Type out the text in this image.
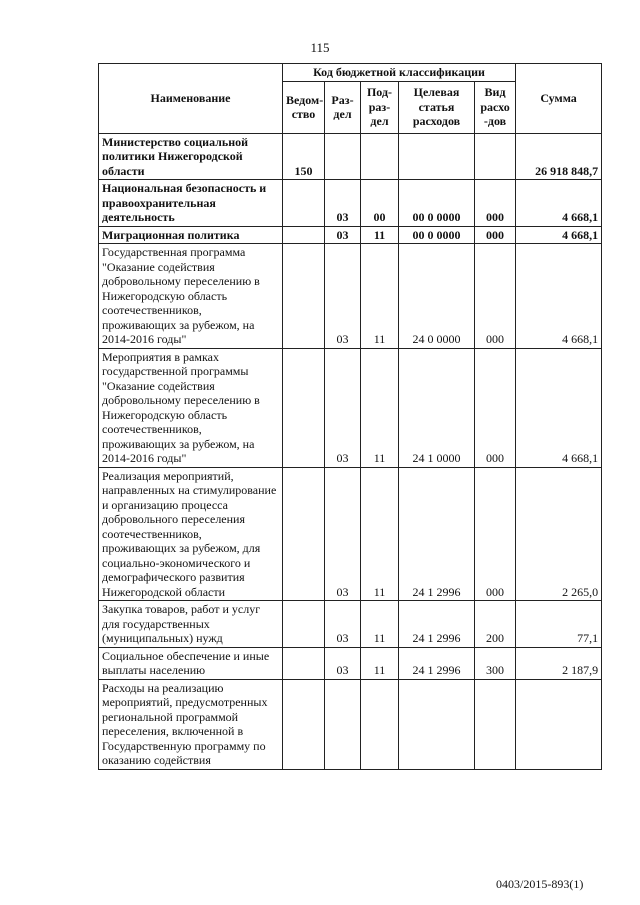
115
Наименование	Код бюджетной классификации					Сумма
	Ведом-ство	Раз-дел	Под-раз-дел	Целевая статья расходов	Вид расхо -дов	
Министерство социальной политики Нижегородской области	150					26 918 848,7
Национальная безопасность и правоохранительная деятельность		03	00	00 0 0000	000	4 668,1
Миграционная политика		03	11	00 0 0000	000	4 668,1
Государственная программа "Оказание содействия добровольному переселению в Нижегородскую область соотечественников, проживающих за рубежом, на 2014-2016 годы"		03	11	24 0 0000	000	4 668,1
Мероприятия в рамках государственной программы "Оказание содействия добровольному переселению в Нижегородскую область соотечественников, проживающих за рубежом, на 2014-2016 годы"		03	11	24 1 0000	000	4 668,1
Реализация мероприятий, направленных на стимулирование и организацию процесса добровольного переселения соотечественников, проживающих за рубежом, для социально-экономического и демографического развития Нижегородской области		03	11	24 1 2996	000	2 265,0
Закупка товаров, работ и услуг для государственных (муниципальных) нужд		03	11	24 1 2996	200	77,1
Социальное обеспечение и иные выплаты населению		03	11	24 1 2996	300	2 187,9
Расходы на реализацию мероприятий, предусмотренных региональной программой переселения, включенной в Государственную программу по оказанию содействия						
0403/2015-893(1)
